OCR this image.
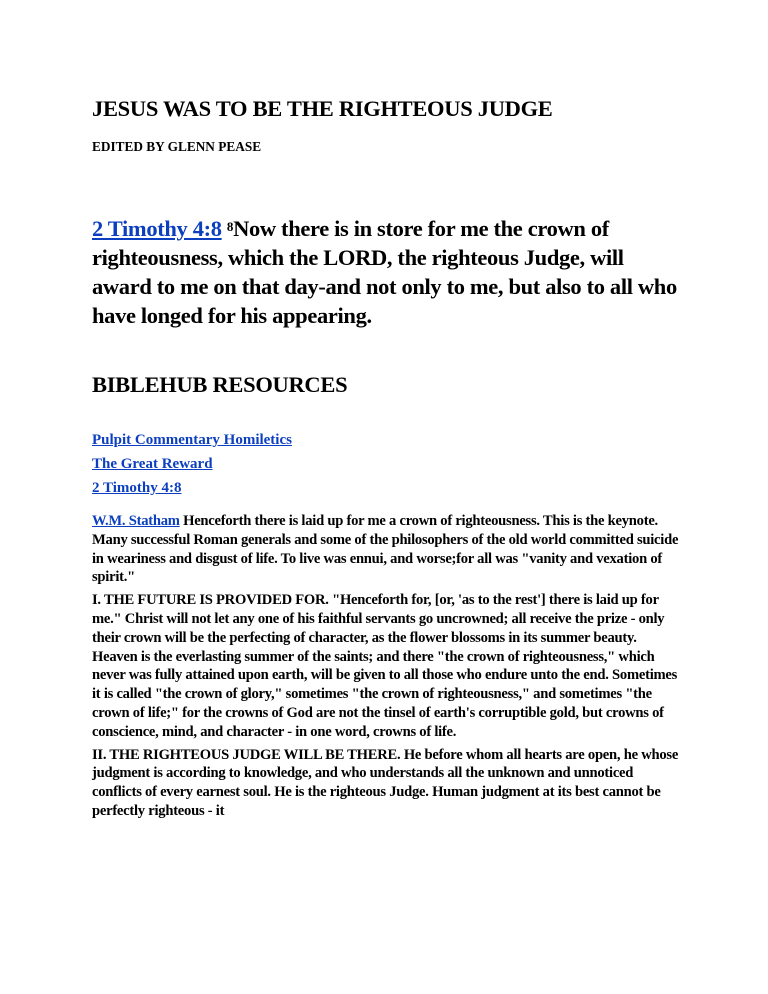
JESUS WAS TO BE THE RIGHTEOUS JUDGE
EDITED BY GLENN PEASE

2 Timothy 4:8 $^8$Now there is in store for me the crown of righteousness, which the LORD, the righteous Judge, will award to me on that day-and not only to me, but also to all who have longed for his appearing.

BIBLEHUB RESOURCES
Pulpit Commentary Homiletics
The Great Reward
2 Timothy 4:8

W.M. Statham Henceforth there is laid up for me a crown of righteousness. This is the keynote. Many successful Roman generals and some of the philosophers of the old world committed suicide in weariness and disgust of life. To live was ennui, and worse;for all was "vanity and vexation of spirit."

I. THE FUTURE IS PROVIDED FOR. "Henceforth for, [or, 'as to the rest'] there is laid up for me." Christ will not let any one of his faithful servants go uncrowned; all receive the prize - only their crown will be the perfecting of character, as the flower blossoms in its summer beauty. Heaven is the everlasting summer of the saints; and there "the crown of righteousness," which never was fully attained upon earth, will be given to all those who endure unto the end. Sometimes it is called "the crown of glory," sometimes "the crown of righteousness," and sometimes "the crown of life;" for the crowns of God are not the tinsel of earth's corruptible gold, but crowns of conscience, mind, and character - in one word, crowns of life.

II. THE RIGHTEOUS JUDGE WILL BE THERE. He before whom all hearts are open, he whose judgment is according to knowledge, and who understands all the unknown and unnoticed conflicts of every earnest soul. He is the righteous Judge. Human judgment at its best cannot be perfectly righteous - it
